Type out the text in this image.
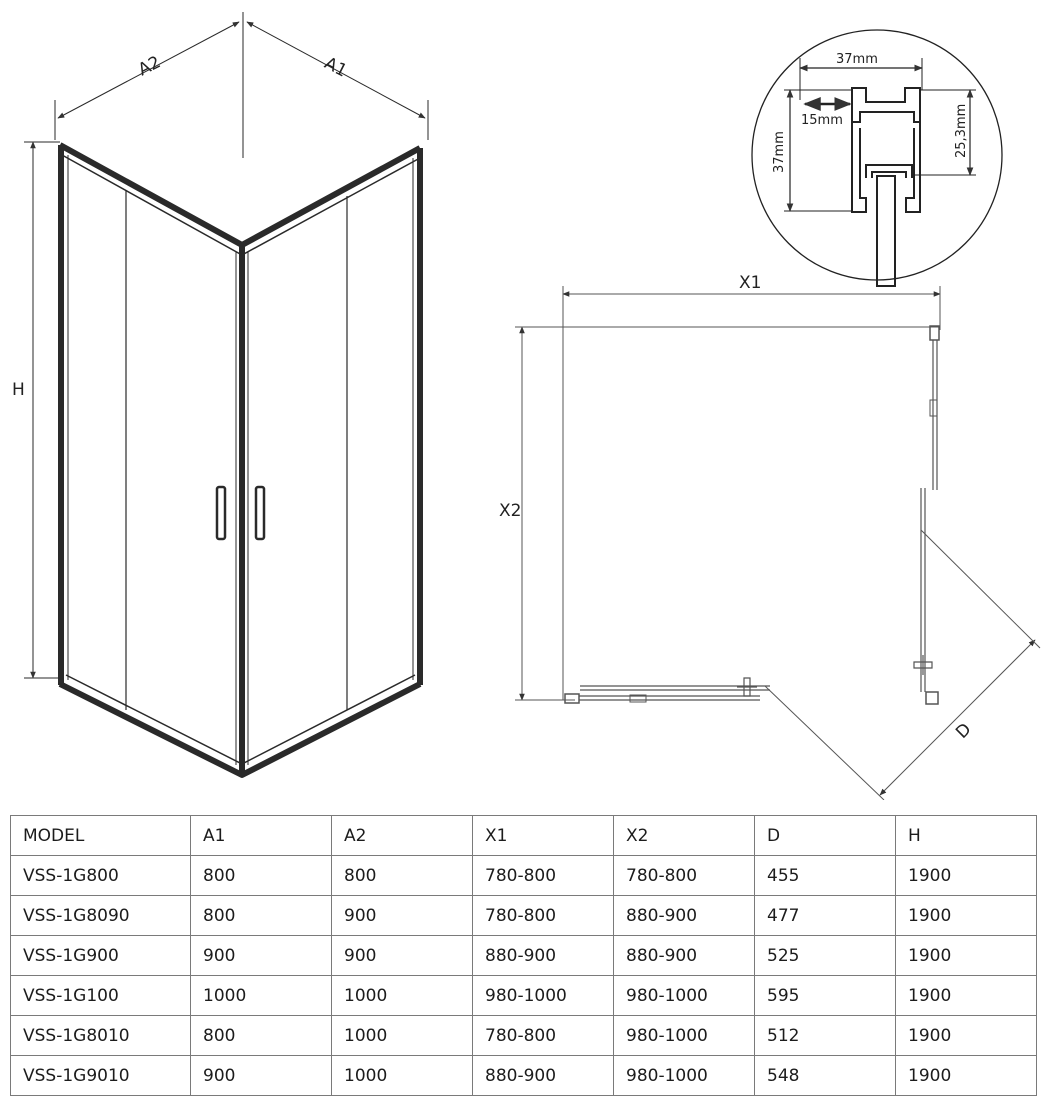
A2	A1
H
37mm
15mm
37mm	25,3mm
X1
X2
D
MODEL	A1	A2	X1	X2	D	H
VSS-1G800	800	800	780-800	780-800	455	1900
VSS-1G8090	800	900	780-800	880-900	477	1900
VSS-1G900	900	900	880-900	880-900	525	1900
VSS-1G100	1000	1000	980-1000	980-1000	595	1900
VSS-1G8010	800	1000	780-800	980-1000	512	1900
VSS-1G9010	900	1000	880-900	980-1000	548	1900
